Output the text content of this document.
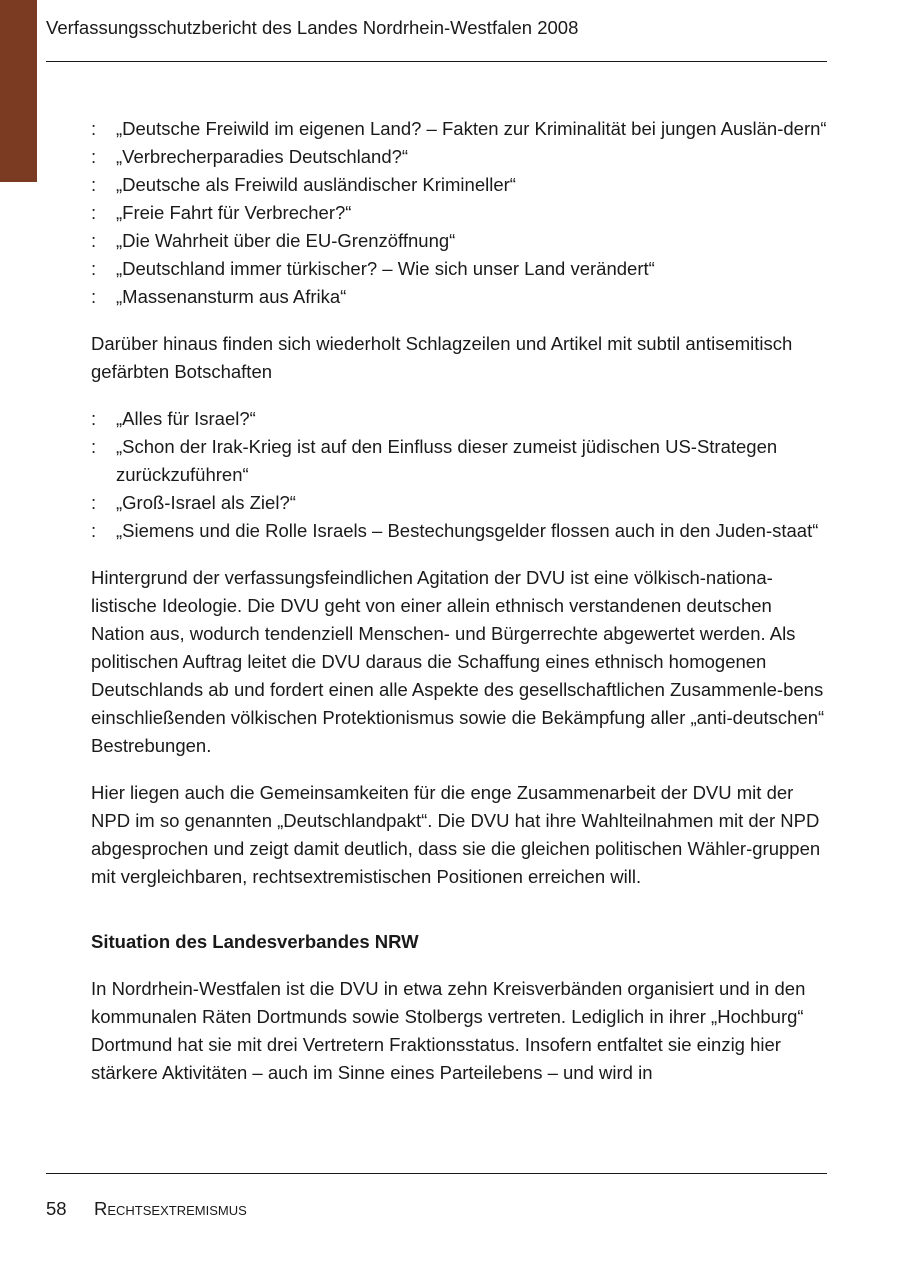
Verfassungsschutzbericht des Landes Nordrhein-Westfalen 2008
: „Deutsche Freiwild im eigenen Land? – Fakten zur Kriminalität bei jungen Auslän-dern“
: „Verbrecherparadies Deutschland?“
: „Deutsche als Freiwild ausländischer Krimineller“
: „Freie Fahrt für Verbrecher?“
: „Die Wahrheit über die EU-Grenzöffnung“
: „Deutschland immer türkischer? – Wie sich unser Land verändert“
: „Massenansturm aus Afrika“

Darüber hinaus finden sich wiederholt Schlagzeilen und Artikel mit subtil antisemitisch gefärbten Botschaften

: „Alles für Israel?“
: „Schon der Irak-Krieg ist auf den Einfluss dieser zumeist jüdischen US-Strategen zurückzuführen“
: „Groß-Israel als Ziel?“
: „Siemens und die Rolle Israels – Bestechungsgelder flossen auch in den Juden-staat“

Hintergrund der verfassungsfeindlichen Agitation der DVU ist eine völkisch-nationa-listische Ideologie. Die DVU geht von einer allein ethnisch verstandenen deutschen Nation aus, wodurch tendenziell Menschen- und Bürgerrechte abgewertet werden. Als politischen Auftrag leitet die DVU daraus die Schaffung eines ethnisch homogenen Deutschlands ab und fordert einen alle Aspekte des gesellschaftlichen Zusammenle-bens einschließenden völkischen Protektionismus sowie die Bekämpfung aller „anti-deutschen“ Bestrebungen.

Hier liegen auch die Gemeinsamkeiten für die enge Zusammenarbeit der DVU mit der NPD im so genannten „Deutschlandpakt“. Die DVU hat ihre Wahlteilnahmen mit der NPD abgesprochen und zeigt damit deutlich, dass sie die gleichen politischen Wähler-gruppen mit vergleichbaren, rechtsextremistischen Positionen erreichen will.

Situation des Landesverbandes NRW

In Nordrhein-Westfalen ist die DVU in etwa zehn Kreisverbänden organisiert und in den kommunalen Räten Dortmunds sowie Stolbergs vertreten. Lediglich in ihrer „Hochburg“ Dortmund hat sie mit drei Vertretern Fraktionsstatus. Insofern entfaltet sie einzig hier stärkere Aktivitäten – auch im Sinne eines Parteilebens – und wird in

58 Rechtsextremismus
